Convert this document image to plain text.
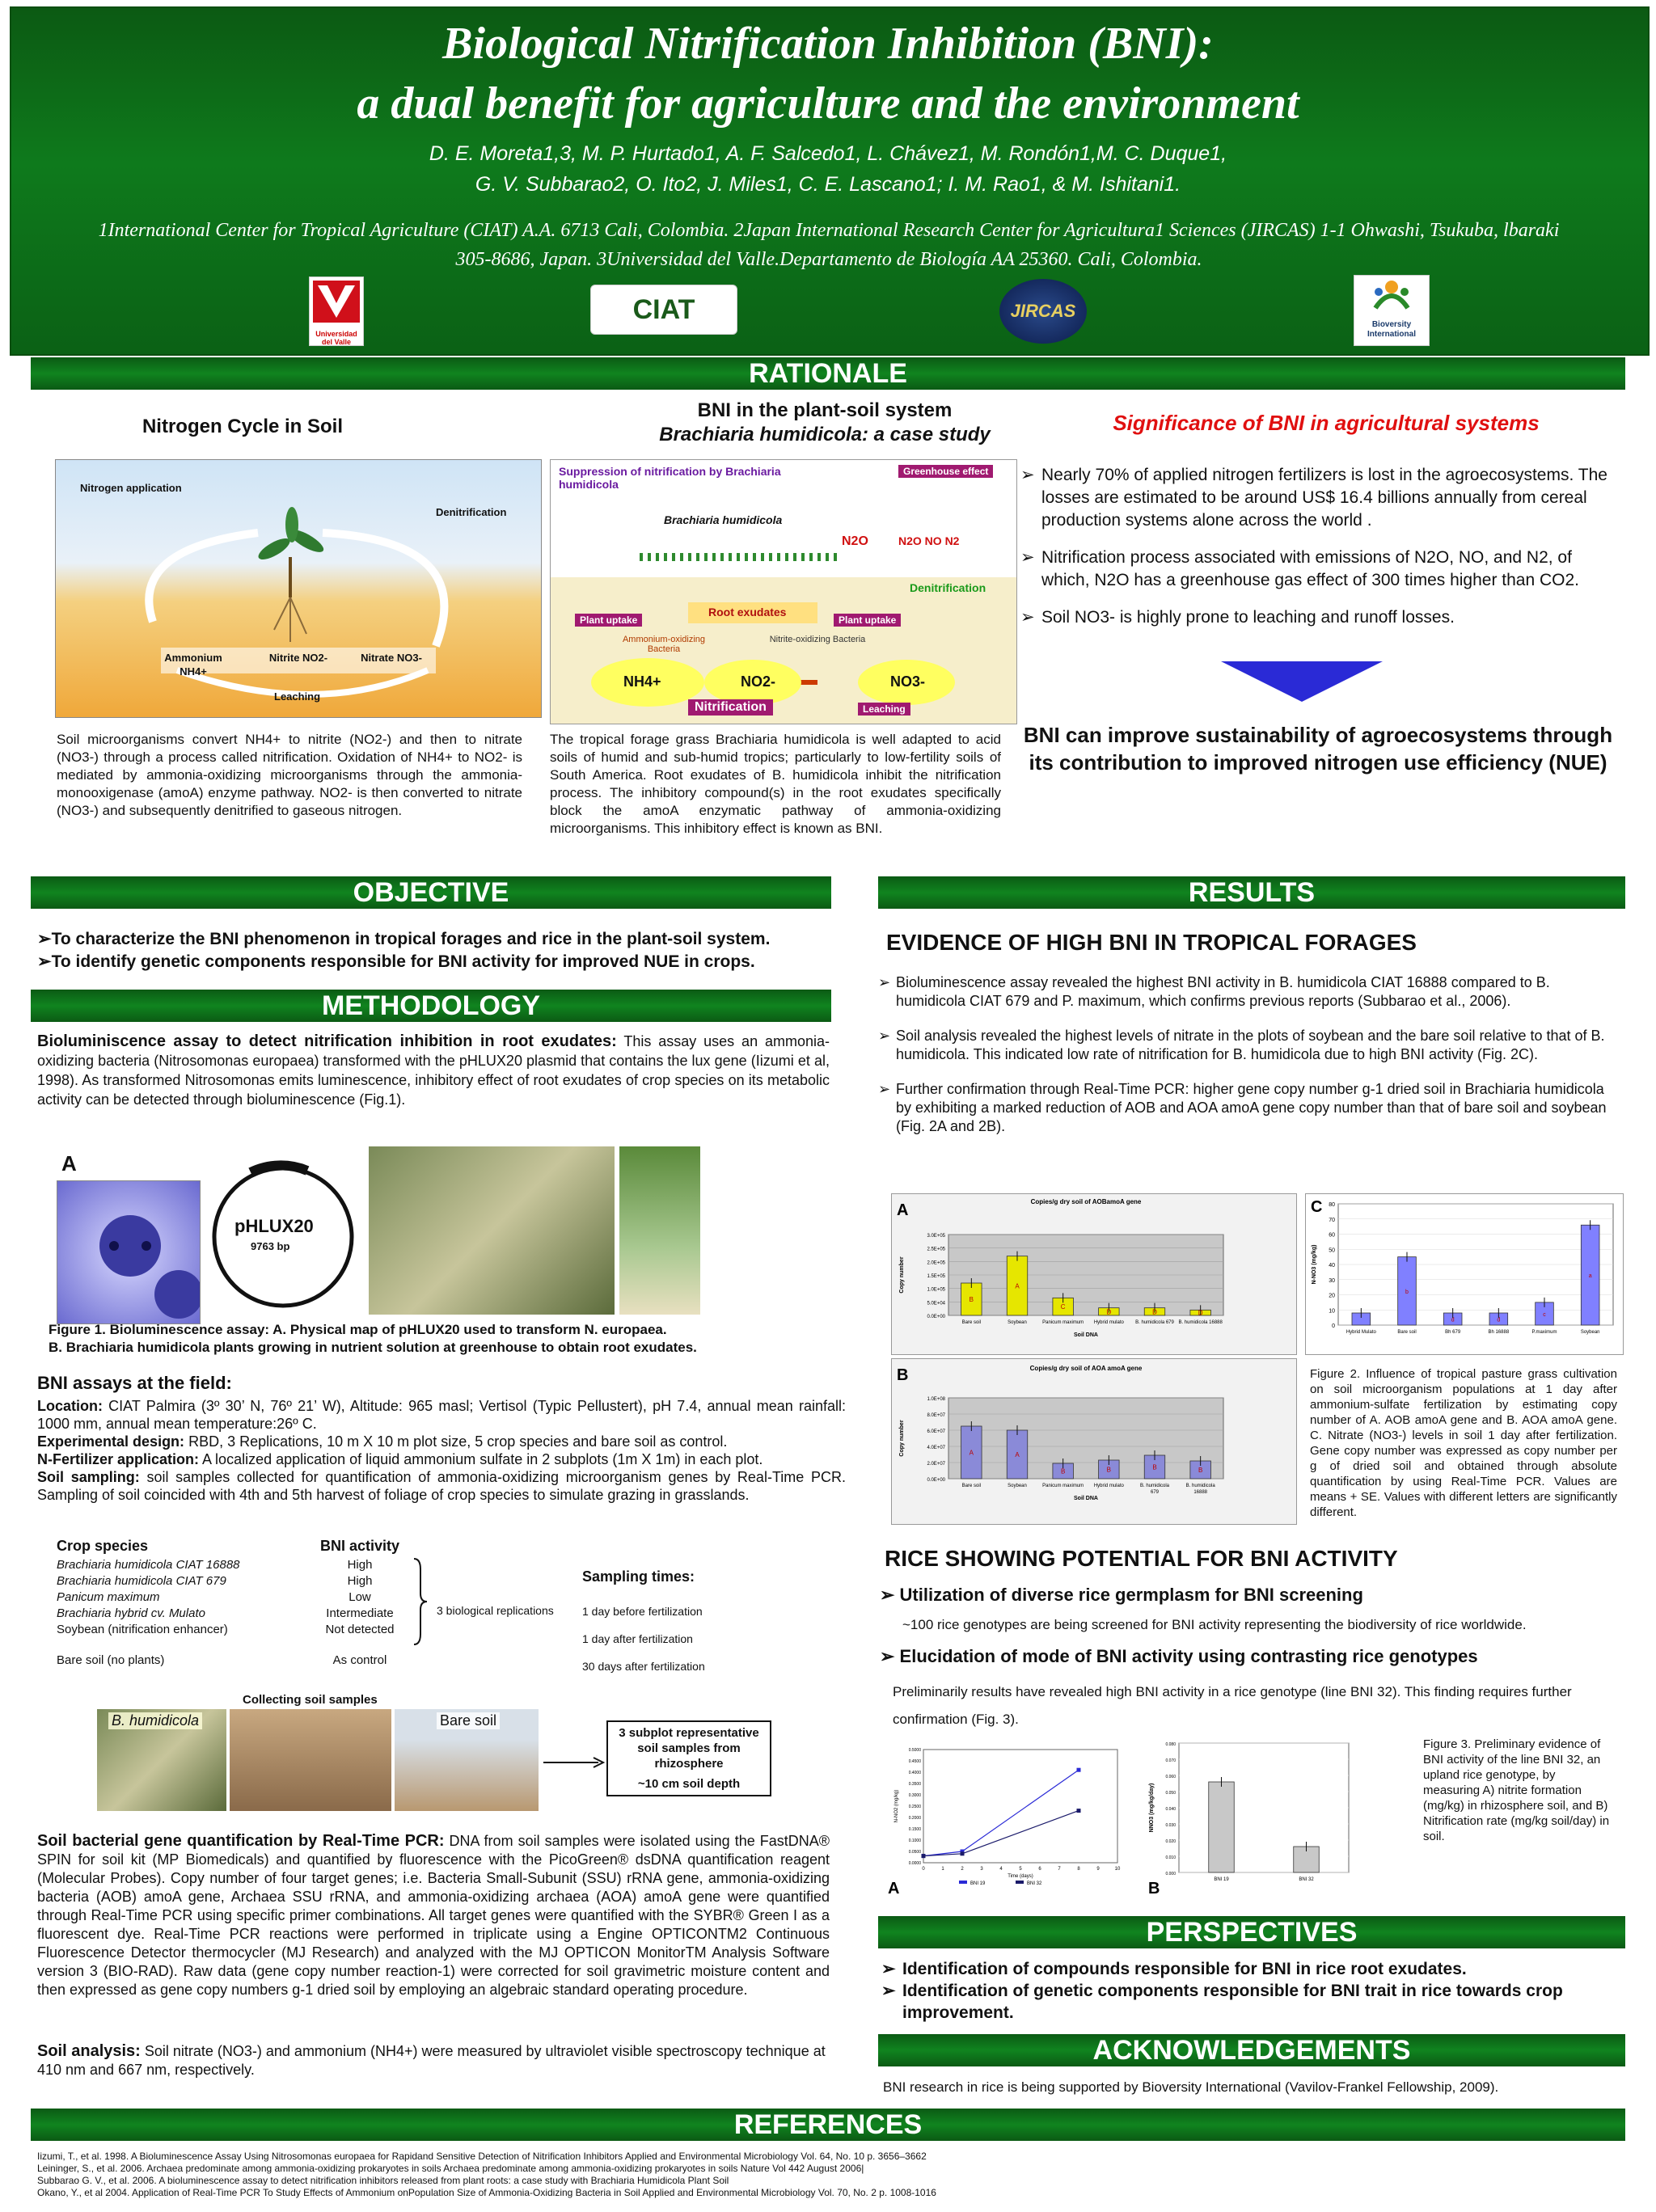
Biological Nitrification Inhibition (BNI):
a dual benefit for agriculture and the environment
D. E. Moreta1,3, M. P. Hurtado1, A. F. Salcedo1, L. Chávez1, M. Rondón1,M. C. Duque1,
G. V. Subbarao2, O. Ito2, J. Miles1, C. E. Lascano1; I. M. Rao1, & M. Ishitani1.
1International Center for Tropical Agriculture (CIAT) A.A. 6713 Cali, Colombia. 2Japan International Research Center for Agricultura1 Sciences (JIRCAS) 1-1 Ohwashi, Tsukuba, lbaraki
305-8686, Japan. 3Universidad del Valle.Departamento de Biología AA 25360. Cali, Colombia.
Universidad del Valle
CIAT	JIRCAS
Bioversity International
RATIONALE
Nitrogen Cycle in Soil
Nitrogen application
Denitrification
Ammonium NH4+
Nitrite NO2-	Nitrate NO3-
Leaching
Soil microorganisms convert NH4+ to nitrite (NO2-) and then to nitrate (NO3-) through a process called nitrification. Oxidation of NH4+ to NO2- is mediated by ammonia-oxidizing microorganisms through the ammonia-monooxigenase (amoA) enzyme pathway. NO2- is then converted to nitrate (NO3-) and subsequently denitrified to gaseous nitrogen.
BNI in the plant-soil system
Brachiaria humidicola: a case study
Suppression of nitrification by Brachiaria humidicola
Greenhouse effect
Brachiaria humidicola
N2O	N2O NO N2
Root exudates
Denitrification
Plant uptake	Plant uptake
Ammonium-oxidizing Bacteria
Nitrite-oxidizing Bacteria
NH4+	NO2-	NO3-
Nitrification	Leaching
The tropical forage grass Brachiaria humidicola is well adapted to acid soils of humid and sub-humid tropics; particularly to low-fertility soils of South America. Root exudates of B. humidicola inhibit the nitrification process. The inhibitory compound(s) in the root exudates specifically block the amoA enzymatic pathway of ammonia-oxidizing microorganisms. This inhibitory effect is known as BNI.
Significance of BNI in agricultural systems
➢ Nearly 70% of applied nitrogen fertilizers is lost in the agroecosystems. The losses are estimated to be around US$ 16.4 billions annually from cereal production systems alone across the world .
➢ Nitrification process associated with emissions of N2O, NO, and N2, of which, N2O has a greenhouse gas effect of 300 times higher than CO2.
➢ Soil NO3- is highly prone to leaching and runoff losses.
BNI can improve sustainability of agroecosystems through its contribution to improved nitrogen use efficiency (NUE)
OBJECTIVE
➢To characterize the BNI phenomenon in tropical forages and rice in the plant-soil system.
➢To identify genetic components responsible for BNI activity for improved NUE in crops.
METHODOLOGY
Bioluminiscence assay to detect nitrification inhibition in root exudates: This assay uses an ammonia-oxidizing bacteria (Nitrosomonas europaea) transformed with the pHLUX20 plasmid that contains the lux gene (Iizumi et al, 1998). As transformed Nitrosomonas emits luminescence, inhibitory effect of root exudates of crop species on its metabolic activity can be detected through bioluminescence (Fig.1).
A
pHLUX20
9763 bp
Figure 1. Bioluminescence assay: A. Physical map of pHLUX20 used to transform N. europaea.
B. Brachiaria humidicola plants growing in nutrient solution at greenhouse to obtain root exudates.
BNI assays at the field:
Location: CIAT Palmira (3º 30’ N, 76º 21’ W), Altitude: 965 masl; Vertisol (Typic Pellustert), pH 7.4, annual mean rainfall: 1000 mm, annual mean temperature:26º C.
Experimental design: RBD, 3 Replications, 10 m X 10 m plot size, 5 crop species and bare soil as control.
N-Fertilizer application: A localized application of liquid ammonium sulfate in 2 subplots (1m X 1m) in each plot.
Soil sampling: soil samples collected for quantification of ammonia-oxidizing microorganism genes by Real-Time PCR. Sampling of soil coincided with 4th and 5th harvest of foliage of crop species to simulate grazing in grasslands.
Crop species	BNI activity
Brachiaria humidicola CIAT 16888	High
Brachiaria humidicola CIAT 679	High
Panicum maximum	Low
Brachiaria hybrid cv. Mulato	Intermediate
Soybean (nitrification enhancer)	Not detected
Bare soil (no plants)	As control
3 biological replications
Sampling times:
1 day before fertilization
1 day after fertilization
30 days after fertilization
Collecting soil samples
B. humidicola	Bare soil
3 subplot representative soil samples from rhizosphere
~10 cm soil depth
Soil bacterial gene quantification by Real-Time PCR: DNA from soil samples were isolated using the FastDNA® SPIN for soil kit (MP Biomedicals) and quantified by fluorescence with the PicoGreen® dsDNA quantification reagent (Molecular Probes). Copy number of four target genes; i.e. Bacteria Small-Subunit (SSU) rRNA gene, ammonia-oxidizing bacteria (AOB) amoA gene, Archaea SSU rRNA, and ammonia-oxidizing archaea (AOA) amoA gene were quantified through Real-Time PCR using specific primer combinations. All target genes were quantified with the SYBR® Green I as a fluorescent dye. Real-Time PCR reactions were performed in triplicate using a Engine OPTICONTM2 Continuous Fluorescence Detector thermocycler (MJ Research) and analyzed with the MJ OPTICON MonitorTM Analysis Software version 3 (BIO-RAD). Raw data (gene copy number reaction-1) were corrected for soil gravimetric moisture content and then expressed as gene copy numbers g-1 dried soil by employing an algebraic standard operating procedure.
Soil analysis: Soil nitrate (NO3-) and ammonium (NH4+) were measured by ultraviolet visible spectroscopy technique at 410 nm and 667 nm, respectively.
RESULTS
EVIDENCE OF HIGH BNI IN TROPICAL FORAGES
➢ Bioluminescence assay revealed the highest BNI activity in B. humidicola CIAT 16888 compared to B. humidicola CIAT 679 and P. maximum, which confirms previous reports (Subbarao et al., 2006).
➢ Soil analysis revealed the highest levels of nitrate in the plots of soybean and the bare soil relative to that of B. humidicola. This indicated low rate of nitrification for B. humidicola due to high BNI activity (Fig. 2C).
➢ Further confirmation through Real-Time PCR: higher gene copy number g-1 dried soil in Brachiaria humidicola by exhibiting a marked reduction of AOB and AOA amoA gene copy number than that of bare soil and soybean (Fig. 2A and 2B).
0.0E+00
5.0E+04
1.0E+05
1.5E+05
2.0E+05
2.5E+05
3.0E+05
B
Bare soil
A
Soybean
C
Panicum maximum
D
Hybrid mulato
D
B. humidicola 679
D
B. humidicola 16888
Copies/g dry soil of AOBamoA gene
Soil DNA
Copy number
A
0.0E+00
2.0E+07
4.0E+07
6.0E+07
8.0E+07
1.0E+08
A
Bare soil
A
Soybean
B
Panicum maximum
B
Hybrid mulato
B
B. humidicola
679
B
B. humidicola
16888
Copies/g dry soil of AOA amoA gene
Soil DNA
Copy number
B
0
10
20
30
40
50
60
70
80
Hybrid Mulato
b
Bare soil
d
Bh 679
d
Bh 16888
c
P.maximum
a
Soybean
N-NO3 (mg/kg)
C
Figure 2. Influence of tropical pasture grass cultivation on soil microorganism populations at 1 day after ammonium-sulfate fertilization by estimating copy number of A. AOB amoA gene and B. AOA amoA gene. C. Nitrate (NO3-) levels in soil 1 day after fertilization. Gene copy number was expressed as copy number per g of dried soil and obtained through absolute quantification by using Real-Time PCR. Values are means + SE. Values with different letters are significantly different.
RICE SHOWING POTENTIAL FOR BNI ACTIVITY
➢ Utilization of diverse rice germplasm for BNI screening
~100 rice genotypes are being screened for BNI activity representing the biodiversity of rice worldwide.
➢ Elucidation of mode of BNI activity using contrasting rice genotypes
Preliminarily results have revealed high BNI activity in a rice genotype (line BNI 32). This finding requires further confirmation (Fig. 3).
0.0000
0.0500
0.1000
0.1500
0.2000
0.2500
0.3000
0.3500
0.4000
0.4500
0.5000
0	1	2	3	4	5	6	7	8	9	10
BNI 19	BNI 32
Time (days)
N-NO2 (mg/kg)
A
0.000
0.010
0.020
0.030
0.040
0.050
0.060
0.070
0.080
BNI 19	BNI 32
NNO3 (mg/kg/day)
B
Figure 3. Preliminary evidence of BNI activity of the line BNI 32, an upland rice genotype, by measuring A) nitrite formation (mg/kg) in rhizosphere soil, and B) Nitrification rate (mg/kg soil/day) in soil.
PERSPECTIVES
➢ Identification of compounds responsible for BNI in rice root exudates.
➢ Identification of genetic components responsible for BNI trait in rice towards crop improvement.
ACKNOWLEDGEMENTS
BNI research in rice is being supported by Bioversity International (Vavilov-Frankel Fellowship, 2009).
REFERENCES
Iizumi, T., et al. 1998. A Bioluminescence Assay Using Nitrosomonas europaea for Rapidand Sensitive Detection of Nitrification Inhibitors Applied and Environmental Microbiology Vol. 64, No. 10 p. 3656–3662
Leininger, S., et al. 2006. Archaea predominate among ammonia-oxidizing prokaryotes in soils Archaea predominate among ammonia-oxidizing prokaryotes in soils Nature Vol 442 August 2006|
Subbarao G. V., et al. 2006. A bioluminescence assay to detect nitrification inhibitors released from plant roots: a case study with Brachiaria Humidicola Plant Soil
Okano, Y., et al 2004. Application of Real-Time PCR To Study Effects of Ammonium onPopulation Size of Ammonia-Oxidizing Bacteria in Soil Applied and Environmental Microbiology Vol. 70, No. 2 p. 1008-1016
